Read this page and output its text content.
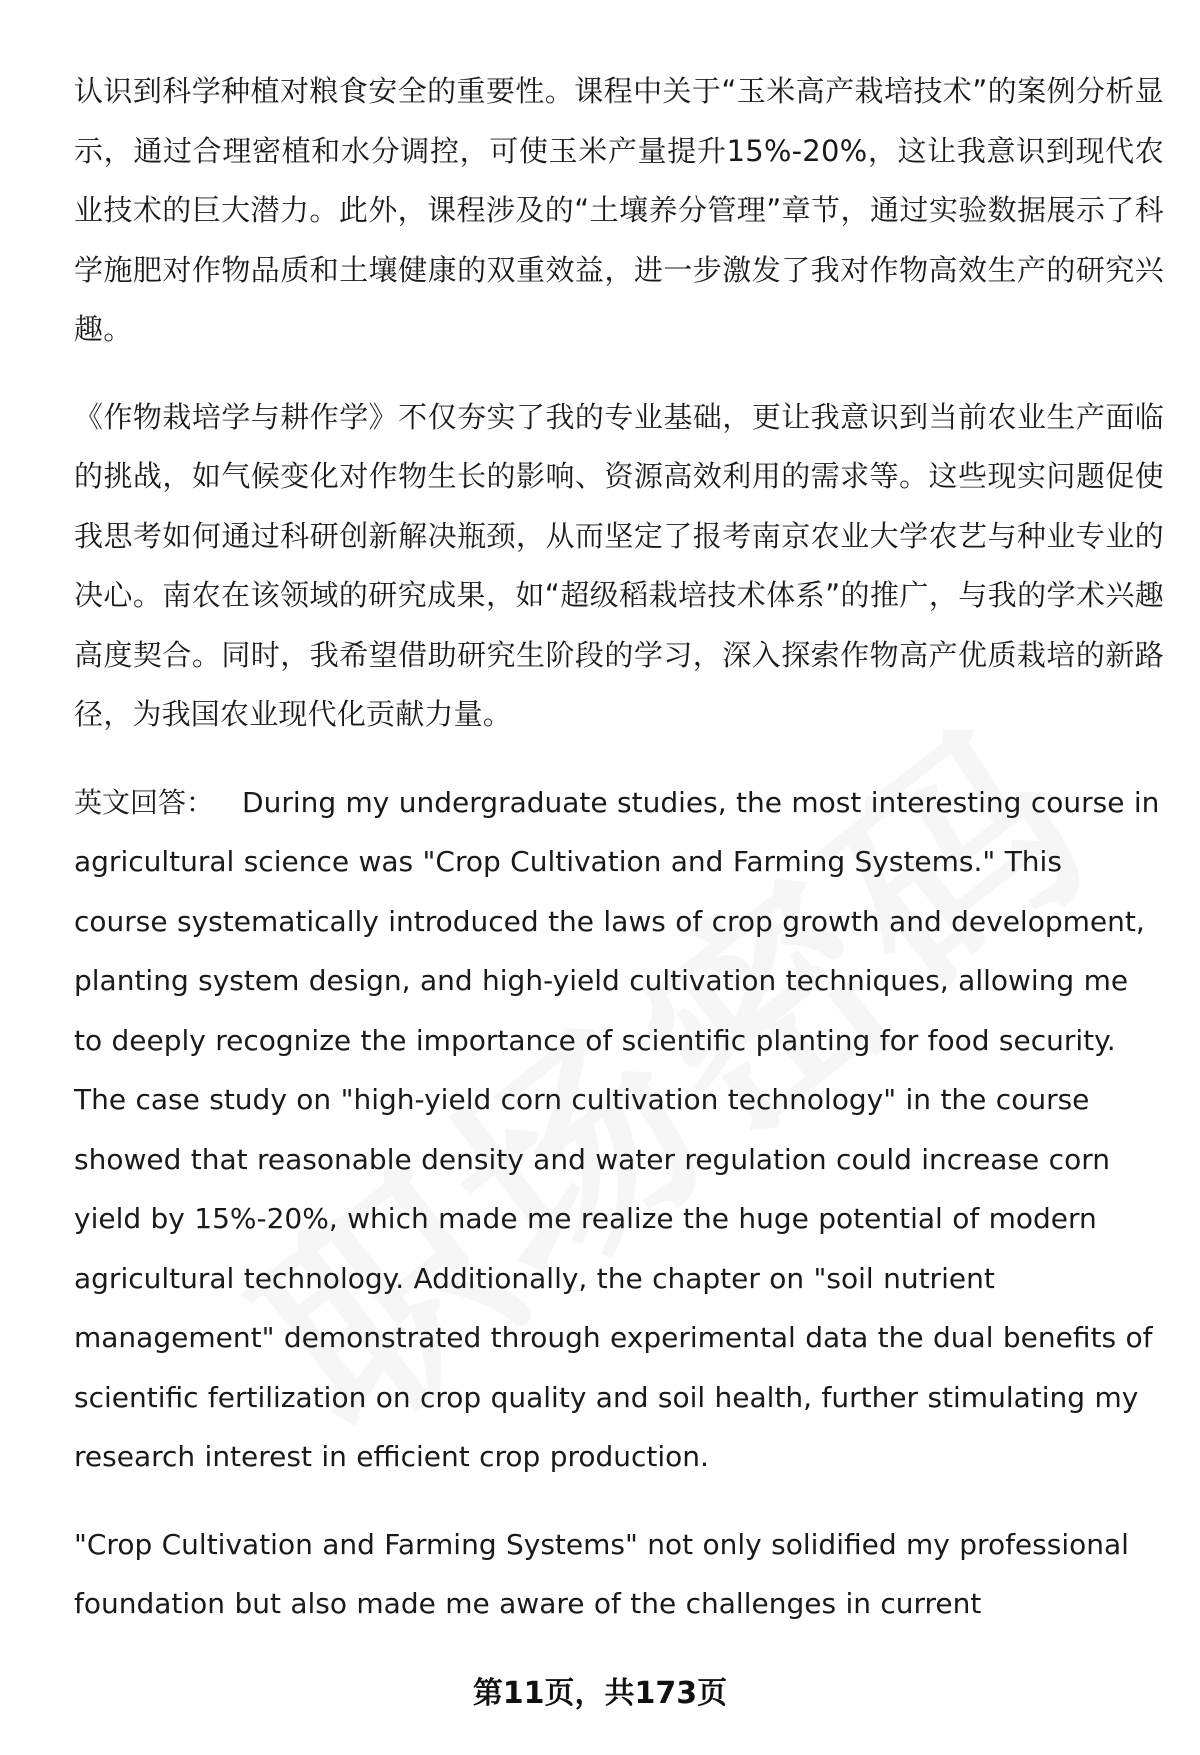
认识到科学种植对粮食安全的重要性。课程中关于“玉米高产栽培技术”的案例分析显示，通过合理密植和水分调控，可使玉米产量提升15%-20%，这让我意识到现代农业技术的巨大潜力。此外，课程涉及的“土壤养分管理”章节，通过实验数据展示了科学施肥对作物品质和土壤健康的双重效益，进一步激发了我对作物高效生产的研究兴趣。

《作物栽培学与耕作学》不仅夯实了我的专业基础，更让我意识到当前农业生产面临的挑战，如气候变化对作物生长的影响、资源高效利用的需求等。这些现实问题促使我思考如何通过科研创新解决瓶颈，从而坚定了报考南京农业大学农艺与种业专业的决心。南农在该领域的研究成果，如“超级稻栽培技术体系”的推广，与我的学术兴趣高度契合。同时，我希望借助研究生阶段的学习，深入探索作物高产优质栽培的新路径，为我国农业现代化贡献力量。

英文回答： During my undergraduate studies, the most interesting course in agricultural science was "Crop Cultivation and Farming Systems." This course systematically introduced the laws of crop growth and development, planting system design, and high-yield cultivation techniques, allowing me to deeply recognize the importance of scientific planting for food security. The case study on "high-yield corn cultivation technology" in the course showed that reasonable density and water regulation could increase corn yield by 15%-20%, which made me realize the huge potential of modern agricultural technology. Additionally, the chapter on "soil nutrient management" demonstrated through experimental data the dual benefits of scientific fertilization on crop quality and soil health, further stimulating my research interest in efficient crop production.

"Crop Cultivation and Farming Systems" not only solidified my professional foundation but also made me aware of the challenges in current

第11页，共173页
